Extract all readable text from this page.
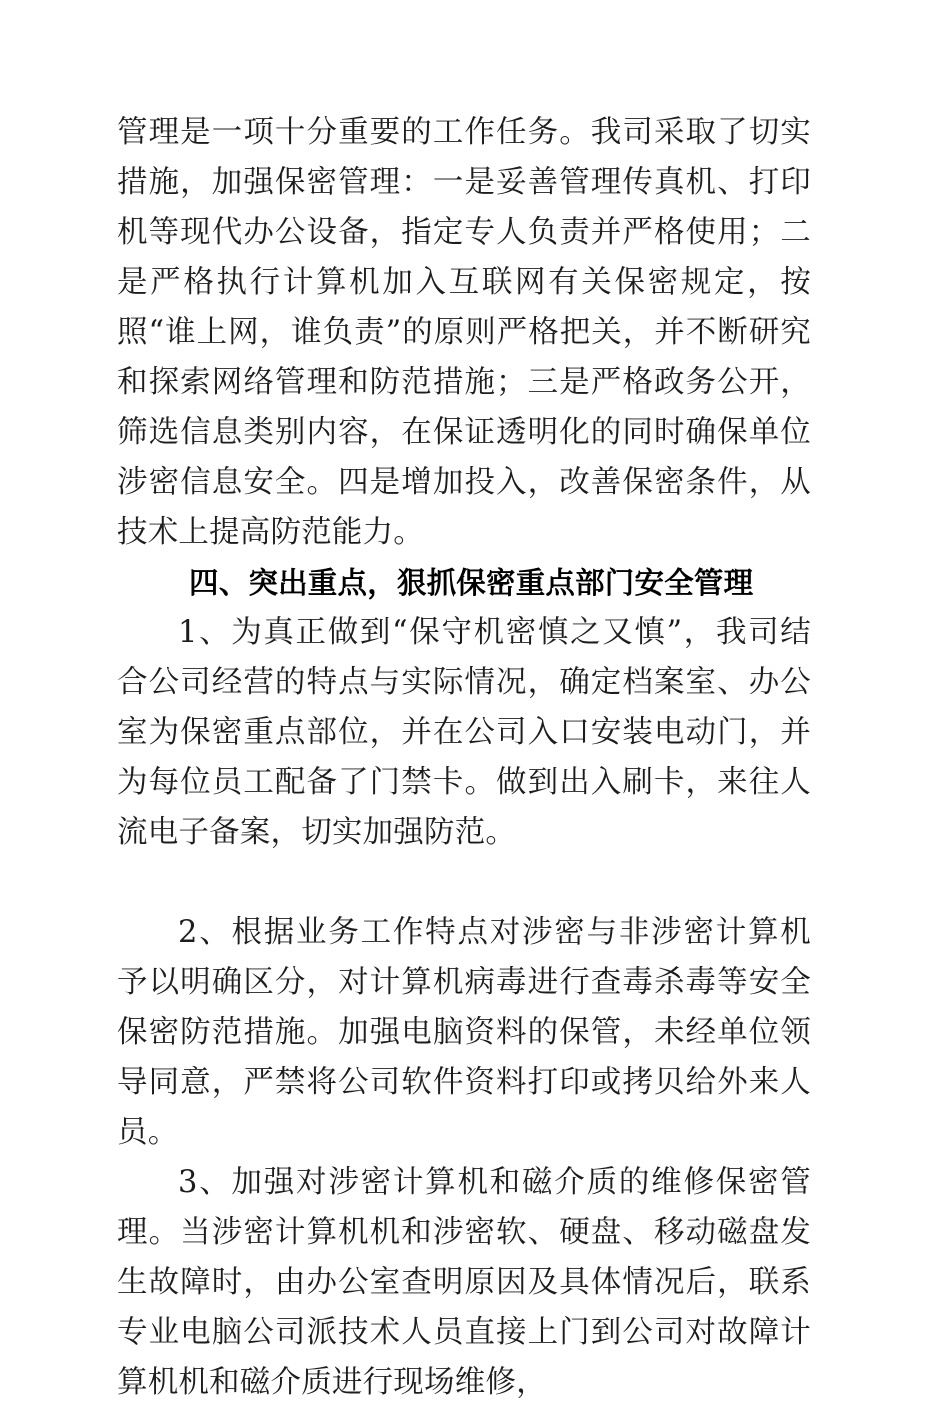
管理是一项十分重要的工作任务。我司采取了切实措施，加强保密管理：一是妥善管理传真机、打印机等现代办公设备，指定专人负责并严格使用；二是严格执行计算机加入互联网有关保密规定，按照“谁上网，谁负责”的原则严格把关，并不断研究和探索网络管理和防范措施；三是严格政务公开，筛选信息类别内容，在保证透明化的同时确保单位涉密信息安全。四是增加投入，改善保密条件，从技术上提高防范能力。

四、突出重点，狠抓保密重点部门安全管理

1、为真正做到“保守机密慎之又慎”，我司结合公司经营的特点与实际情况，确定档案室、办公室为保密重点部位，并在公司入口安装电动门，并为每位员工配备了门禁卡。做到出入刷卡，来往人流电子备案，切实加强防范。

2、根据业务工作特点对涉密与非涉密计算机予以明确区分，对计算机病毒进行查毒杀毒等安全保密防范措施。加强电脑资料的保管，未经单位领导同意，严禁将公司软件资料打印或拷贝给外来人员。

3、加强对涉密计算机和磁介质的维修保密管理。当涉密计算机机和涉密软、硬盘、移动磁盘发生故障时，由办公室查明原因及具体情况后，联系专业电脑公司派技术人员直接上门到公司对故障计算机机和磁介质进行现场维修，
